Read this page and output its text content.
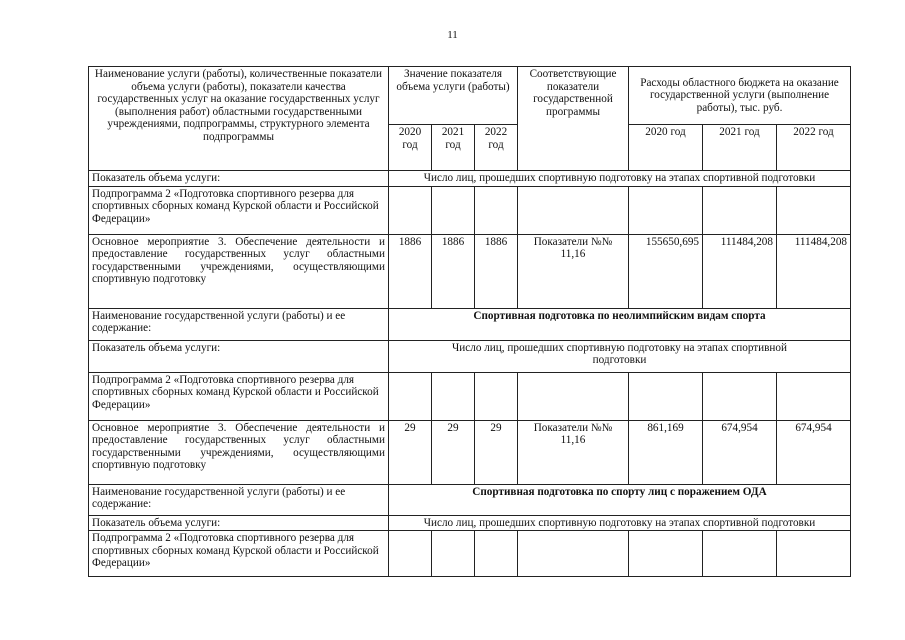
11
Наименование услуги (работы), количественные показатели объема услуги (работы), показатели качества государственных услуг на оказание государственных услуг (выполнения работ) областными государственными учреждениями, подпрограммы, структурного элемента подпрограммы	Значение показателя объема услуги (работы)			Соответствующие показатели государственной программы	Расходы областного бюджета на оказание государственной услуги (выполнение работы), тыс. руб.		
	2020 год	2021 год	2022 год		2020 год	2021 год	2022 год
Показатель объема услуги:	Число лиц, прошедших спортивную подготовку на этапах спортивной подготовки						
Подпрограмма 2 «Подготовка спортивного резерва для спортивных сборных команд Курской области и Российской Федерации»							
Основное мероприятие 3. Обеспечение деятельности и предоставление государственных услуг областными государственными учреждениями, осуществляющими спортивную подготовку	1886	1886	1886	Показатели №№ 11,16	155650,695	111484,208	111484,208
Наименование государственной услуги (работы) и ее содержание:	Спортивная подготовка по неолимпийским видам спорта						
Показатель объема услуги:	Число лиц, прошедших спортивную подготовку на этапах спортивной подготовки						
Подпрограмма 2 «Подготовка спортивного резерва для спортивных сборных команд Курской области и Российской Федерации»							
Основное мероприятие 3. Обеспечение деятельности и предоставление государственных услуг областными государственными учреждениями, осуществляющими спортивную подготовку	29	29	29	Показатели №№ 11,16	861,169	674,954	674,954
Наименование государственной услуги (работы) и ее содержание:	Спортивная подготовка по спорту лиц с поражением ОДА						
Показатель объема услуги:	Число лиц, прошедших спортивную подготовку на этапах спортивной подготовки						
Подпрограмма 2 «Подготовка спортивного резерва для спортивных сборных команд Курской области и Российской Федерации»							
